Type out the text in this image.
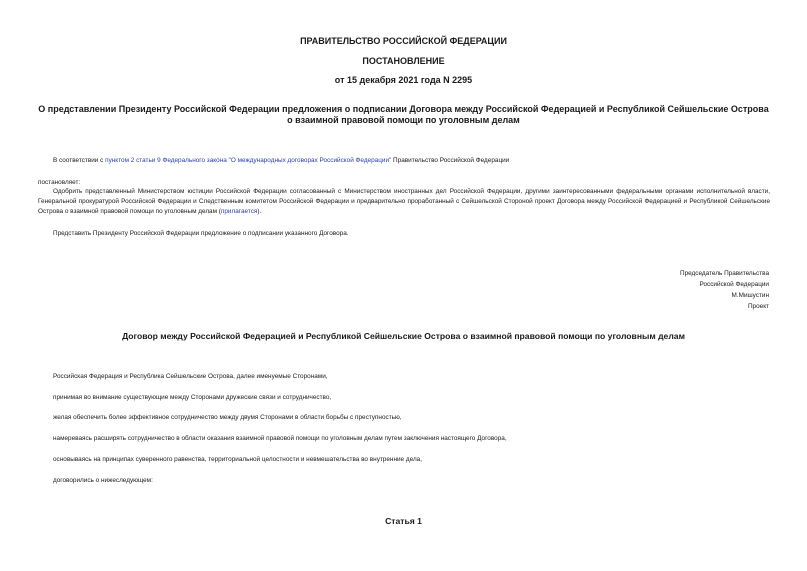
ПРАВИТЕЛЬСТВО РОССИЙСКОЙ ФЕДЕРАЦИИ
ПОСТАНОВЛЕНИЕ
от 15 декабря 2021 года N 2295
О представлении Президенту Российской Федерации предложения о подписании Договора между Российской Федерацией и Республикой Сейшельские Острова
о взаимной правовой помощи по уголовным делам
В соответствии с пунктом 2 статьи 9 Федерального закона "О международных договорах Российской Федерации" Правительство Российской Федерации
постановляет:
Одобрить представленный Министерством юстиции Российской Федерации согласованный с Министерством иностранных дел Российской Федерации, другими заинтересованными федеральными органами исполнительной власти, Генеральной прокуратурой Российской Федерации и Следственным комитетом Российской Федерации и предварительно проработанный с Сейшельской Стороной проект Договора между Российской Федерацией и Республикой Сейшельские Острова о взаимной правовой помощи по уголовным делам (прилагается).
Представить Президенту Российской Федерации предложение о подписании указанного Договора.
Председатель Правительства
Российской Федерации
М.Мишустин
Проект
Договор между Российской Федерацией и Республикой Сейшельские Острова о взаимной правовой помощи по уголовным делам
Российская Федерация и Республика Сейшельские Острова, далее именуемые Сторонами,
принимая во внимание существующие между Сторонами дружеские связи и сотрудничество,
желая обеспечить более эффективное сотрудничество между двумя Сторонами в области борьбы с преступностью,
намереваясь расширять сотрудничество в области оказания взаимной правовой помощи по уголовным делам путем заключения настоящего Договора,
основываясь на принципах суверенного равенства, территориальной целостности и невмешательства во внутренние дела,
договорились о нижеследующем:
Статья 1
